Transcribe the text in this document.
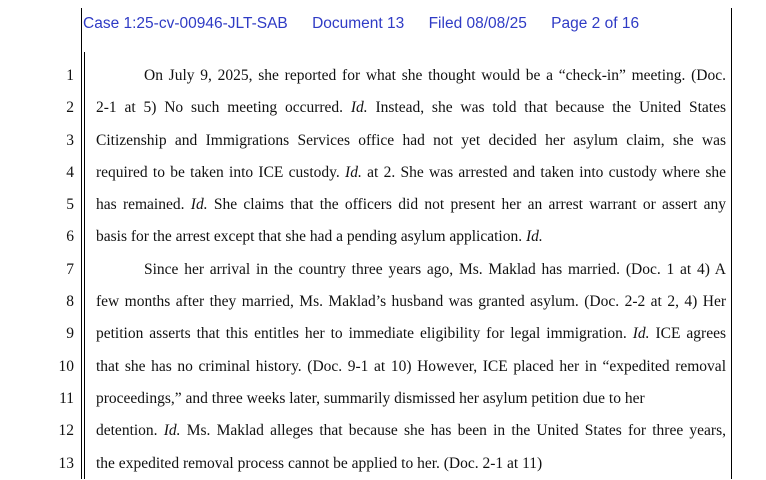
Case 1:25-cv-00946-JLT-SAB Document 13 Filed 08/08/25 Page 2 of 16
1
2
3
4
5
6
7
8
9
10
11
12
13
On July 9, 2025, she reported for what she thought would be a “check-in” meeting. (Doc.
2-1 at 5) No such meeting occurred. Id. Instead, she was told that because the United States
Citizenship and Immigrations Services office had not yet decided her asylum claim, she was
required to be taken into ICE custody. Id. at 2. She was arrested and taken into custody where she
has remained. Id. She claims that the officers did not present her an arrest warrant or assert any
basis for the arrest except that she had a pending asylum application. Id.
Since her arrival in the country three years ago, Ms. Maklad has married. (Doc. 1 at 4) A
few months after they married, Ms. Maklad’s husband was granted asylum. (Doc. 2-2 at 2, 4) Her
petition asserts that this entitles her to immediate eligibility for legal immigration. Id. ICE agrees
that she has no criminal history. (Doc. 9-1 at 10) However, ICE placed her in “expedited removal
proceedings,” and three weeks later, summarily dismissed her asylum petition due to her
detention. Id. Ms. Maklad alleges that because she has been in the United States for three years,
the expedited removal process cannot be applied to her. (Doc. 2-1 at 11)
